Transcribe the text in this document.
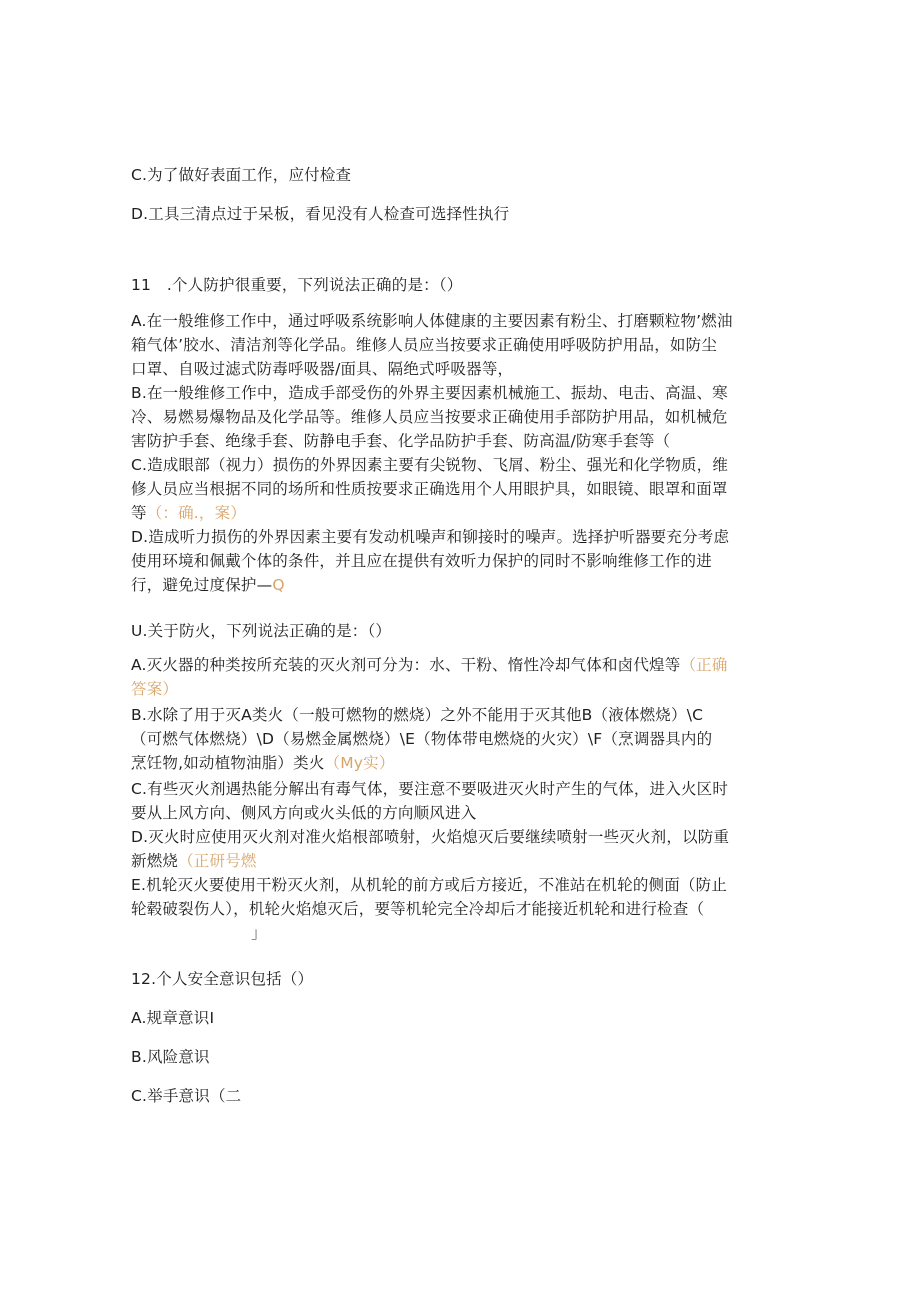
C.为了做好表面工作，应付检查
D.工具三清点过于呆板，看见没有人检查可选择性执行
11　.个人防护很重要，下列说法正确的是：（）
A.在一般维修工作中，通过呼吸系统影响人体健康的主要因素有粉尘、打磨颗粒物’燃油
箱气体’胶水、清洁剂等化学品。维修人员应当按要求正确使用呼吸防护用品，如防尘
口罩、自吸过滤式防毒呼吸器/面具、隔绝式呼吸器等，
B.在一般维修工作中，造成手部受伤的外界主要因素机械施工、振劫、电击、高温、寒
冷、易燃易爆物品及化学品等。维修人员应当按要求正确使用手部防护用品，如机械危
害防护手套、绝缘手套、防静电手套、化学品防护手套、防高温/防寒手套等（
C.造成眼部（视力）损伤的外界因素主要有尖锐物、飞屑、粉尘、强光和化学物质，维
修人员应当根据不同的场所和性质按要求正确选用个人用眼护具，如眼镜、眼罩和面罩
等（：确.，案）
D.造成听力损伤的外界因素主要有发动机噪声和铆接时的噪声。选择护听器要充分考虑
使用环境和佩戴个体的条件，并且应在提供有效听力保护的同时不影响维修工作的进
行，避免过度保护—Q
U.关于防火，下列说法正确的是：（）
A.灭火器的种类按所充装的灭火剂可分为：水、干粉、惰性冷却气体和卤代煌等（正确
答案）
B.水除了用于灭A类火（一般可燃物的燃烧）之外不能用于灭其他B（液体燃烧）\C
（可燃气体燃烧）\D（易燃金属燃烧）\E（物体带电燃烧的火灾）\F（烹调器具内的
烹饪物,如动植物油脂）类火（My实）
C.有些灭火剂遇热能分解出有毒气体，要注意不要吸进灭火时产生的气体，进入火区时
要从上风方向、侧风方向或火头低的方向顺风进入
D.灭火时应使用灭火剂对准火焰根部喷射，火焰熄灭后要继续喷射一些灭火剂，以防重
新燃烧（正研号燃
E.机轮灭火要使用干粉灭火剂，从机轮的前方或后方接近，不准站在机轮的侧面（防止
轮毂破裂伤人），机轮火焰熄灭后，要等机轮完全冷却后才能接近机轮和进行检查（
」
12.个人安全意识包括（）
A.规章意识I
B.风险意识
C.举手意识（二
